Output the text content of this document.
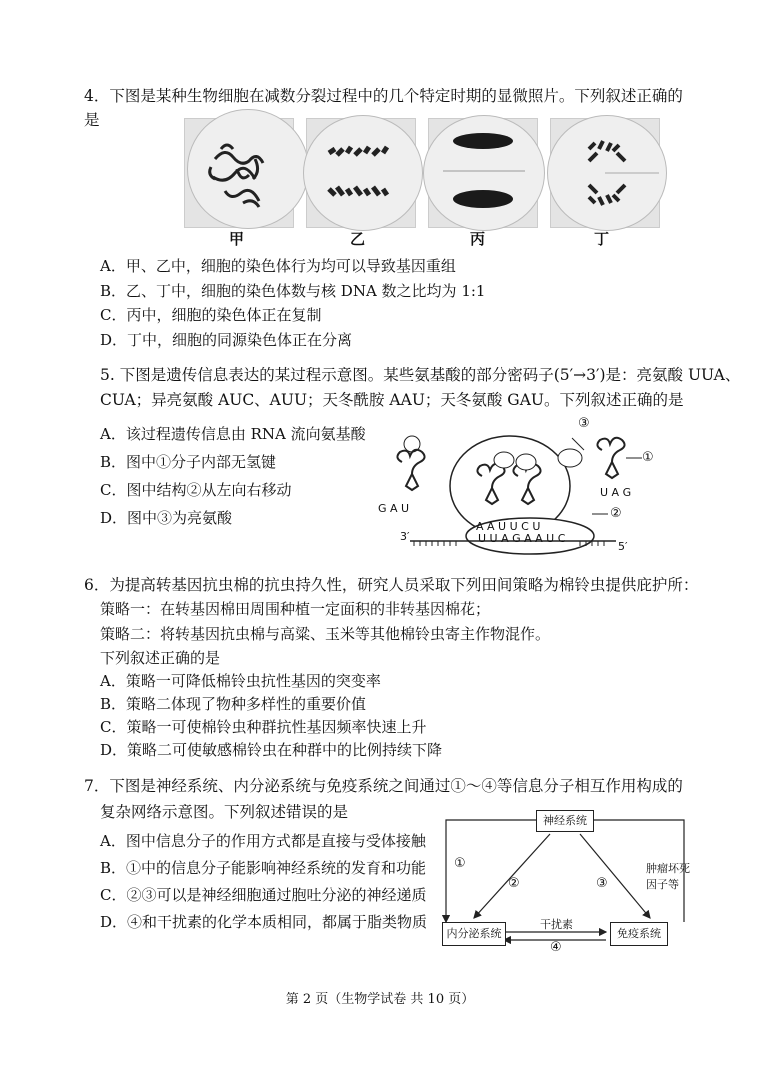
4．下图是某种生物细胞在减数分裂过程中的几个特定时期的显微照片。下列叙述正确的
是
甲	乙	丙	丁
A．甲、乙中，细胞的染色体行为均可以导致基因重组
B．乙、丁中，细胞的染色体数与核 DNA 数之比均为 1:1
C．丙中，细胞的染色体正在复制
D．丁中，细胞的同源染色体正在分离
5. 下图是遗传信息表达的某过程示意图。某些氨基酸的部分密码子(5′→3′)是：亮氨酸 UUA、
CUA；异亮氨酸 AUC、AUU；天冬酰胺 AAU；天冬氨酸 GAU。下列叙述正确的是
A．该过程遗传信息由 RNA 流向氨基酸
B．图中①分子内部无氢键
C．图中结构②从左向右移动
D．图中③为亮氨酸
G A U
U A G
A A U U C U
U U A G A A U C
3′
5′
③
①
②
6．为提高转基因抗虫棉的抗虫持久性，研究人员采取下列田间策略为棉铃虫提供庇护所：
策略一：在转基因棉田周围种植一定面积的非转基因棉花；
策略二：将转基因抗虫棉与高粱、玉米等其他棉铃虫寄主作物混作。
下列叙述正确的是
A．策略一可降低棉铃虫抗性基因的突变率
B．策略二体现了物种多样性的重要价值
C．策略一可使棉铃虫种群抗性基因频率快速上升
D．策略二可使敏感棉铃虫在种群中的比例持续下降
7．下图是神经系统、内分泌系统与免疫系统之间通过①～④等信息分子相互作用构成的
复杂网络示意图。下列叙述错误的是
A．图中信息分子的作用方式都是直接与受体接触
B．①中的信息分子能影响神经系统的发育和功能
C．②③可以是神经细胞通过胞吐分泌的神经递质
D．④和干扰素的化学本质相同，都属于脂类物质
神经系统
内分泌系统	免疫系统
①
②	③
④
干扰素
肿瘤坏死
因子等
第 2 页（生物学试卷 共 10 页）
